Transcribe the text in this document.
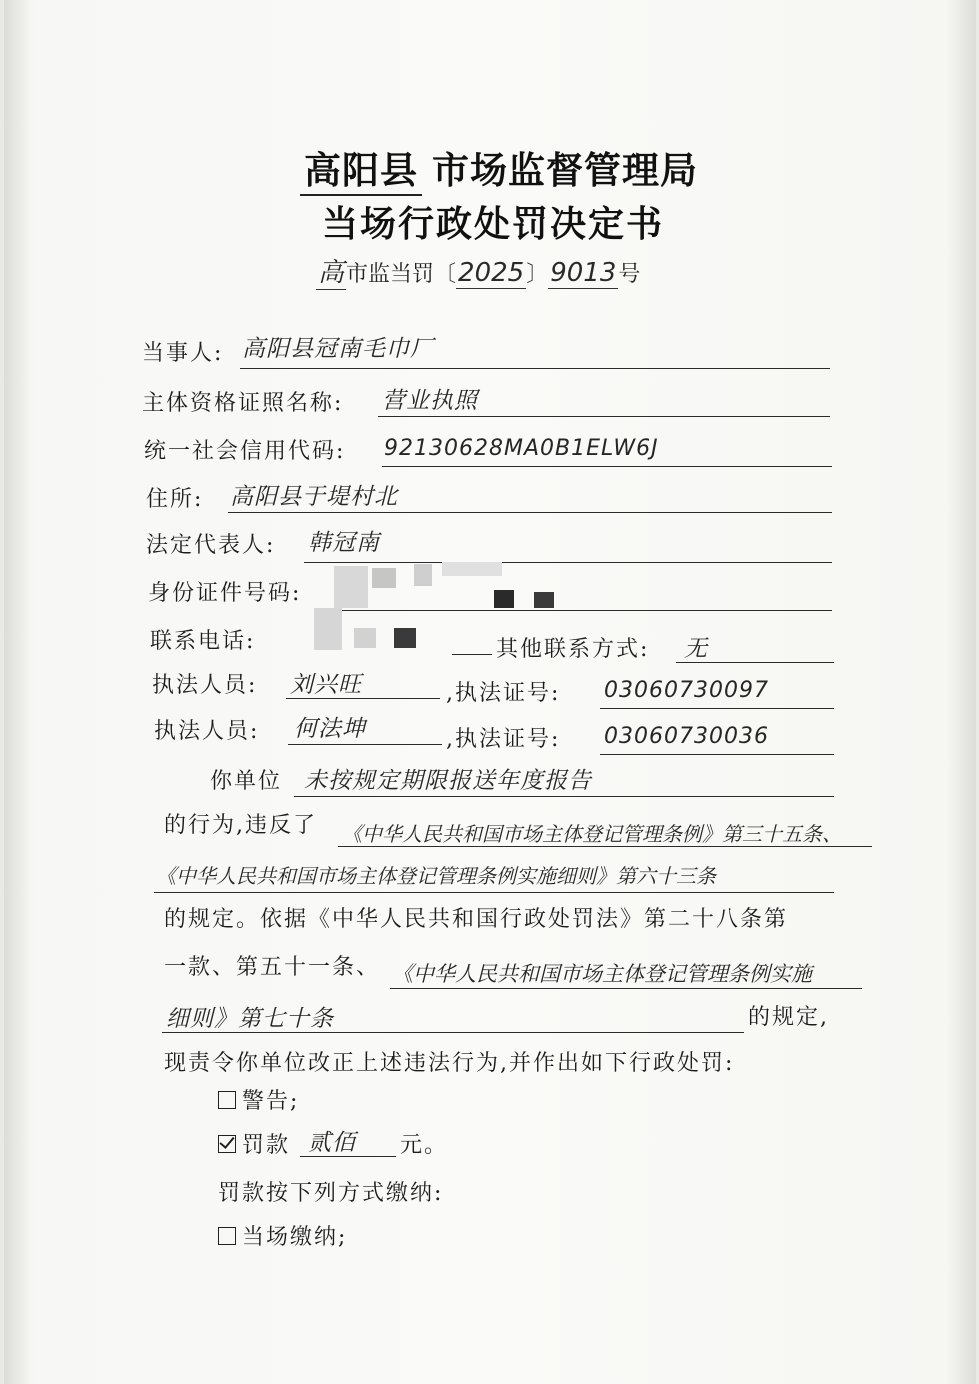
高阳县 市场监督管理局
当场行政处罚决定书
高市监当罚〔2025〕9013号
当事人: 高阳县冠南毛巾厂
主体资格证照名称: 营业执照
统一社会信用代码: 92130628MA0B1ELW6J
住所: 高阳县于堤村北
法定代表人: 韩冠南
身份证件号码:
联系电话:	其他联系方式: 无
执法人员: 刘兴旺	,执法证号: 03060730097
执法人员: 何法坤	,执法证号: 03060730036
你单位 未按规定期限报送年度报告
的行为,违反了 《中华人民共和国市场主体登记管理条例》第三十五条、
《中华人民共和国市场主体登记管理条例实施细则》第六十三条
的规定。依据《中华人民共和国行政处罚法》第二十八条第
一款、第五十一条、 《中华人民共和国市场主体登记管理条例实施
细则》第七十条	的规定,
现责令你单位改正上述违法行为,并作出如下行政处罚:
警告;
罚款 贰佰 元。
罚款按下列方式缴纳:
当场缴纳;
